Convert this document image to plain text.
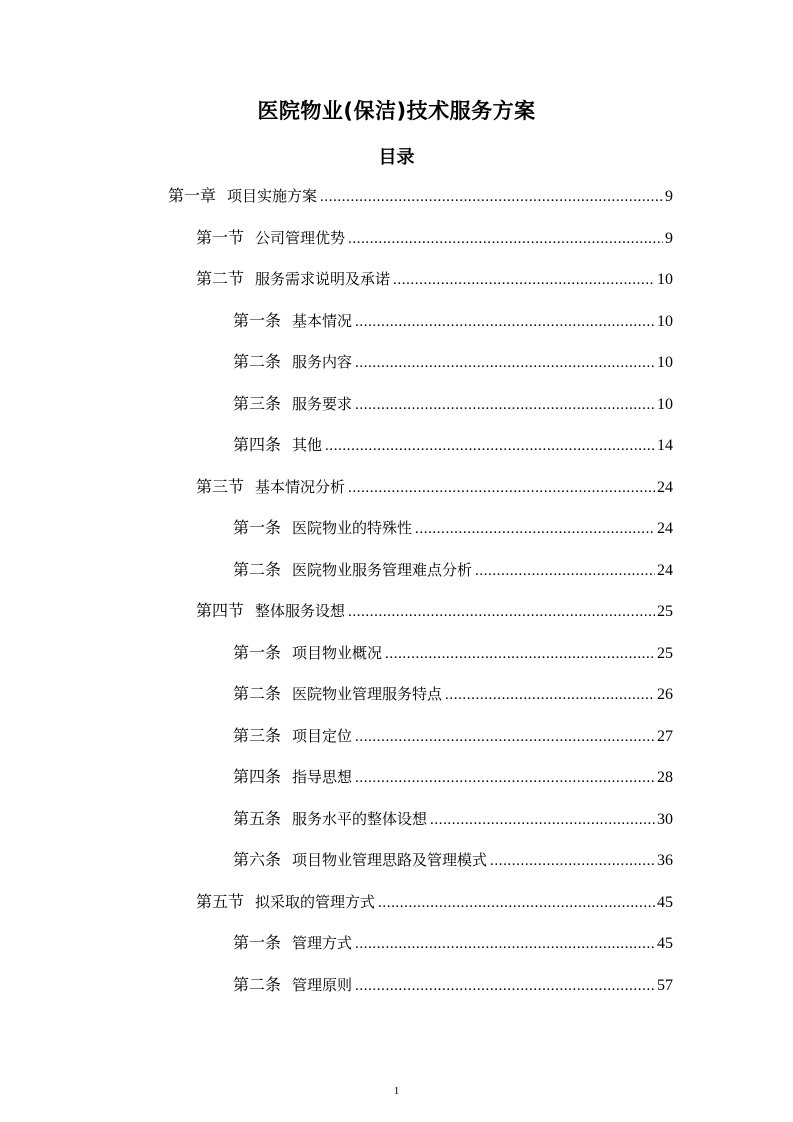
医院物业(保洁)技术服务方案
目录
第一章 项目实施方案 .....	9
第一节 公司管理优势 .....	9
第二节 服务需求说明及承诺 .....	10
第一条 基本情况 .....	10
第二条 服务内容 .....	10
第三条 服务要求 .....	10
第四条 其他 .....	14
第三节 基本情况分析 .....	24
第一条 医院物业的特殊性 .....	24
第二条 医院物业服务管理难点分析 .....	24
第四节 整体服务设想 .....	25
第一条 项目物业概况 .....	25
第二条 医院物业管理服务特点 .....	26
第三条 项目定位 .....	27
第四条 指导思想 .....	28
第五条 服务水平的整体设想 .....	30
第六条 项目物业管理思路及管理模式 .....	36
第五节 拟采取的管理方式 .....	45
第一条 管理方式 .....	45
第二条 管理原则 .....	57
1
